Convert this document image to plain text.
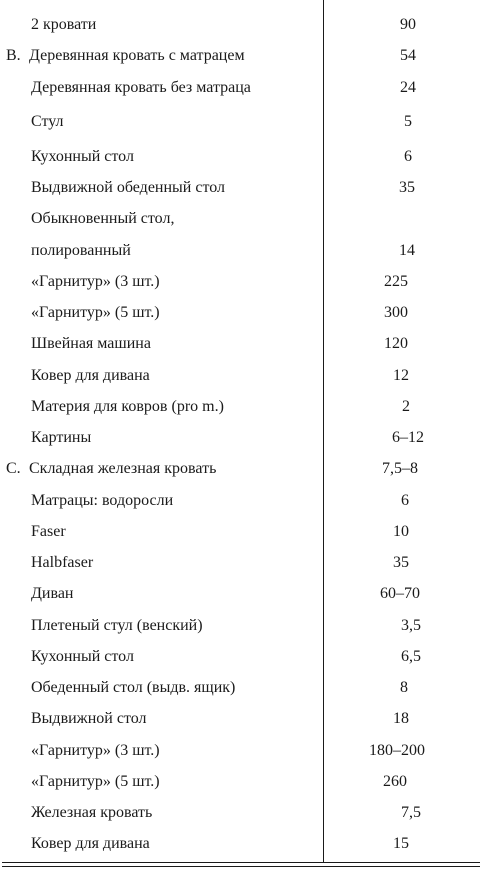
2 кровати	90
B. Деревянная кровать с матрацем	54
Деревянная кровать без матраца	24
Стул	5
Кухонный стол	6
Выдвижной обеденный стол	35
Обыкновенный стол,
полированный	14
«Гарнитур» (3 шт.)	225
«Гарнитур» (5 шт.)	300
Швейная машина	120
Ковер для дивана	12
Материя для ковров (pro m.)	2
Картины	6–12
C. Складная железная кровать	7,5–8
Матрацы: водоросли	6
Faser	10
Halbfaser	35
Диван	60–70
Плетеный стул (венский)	3,5
Кухонный стол	6,5
Обеденный стол (выдв. ящик)	8
Выдвижной стол	18
«Гарнитур» (3 шт.)	180–200
«Гарнитур» (5 шт.)	260
Железная кровать	7,5
Ковер для дивана	15
